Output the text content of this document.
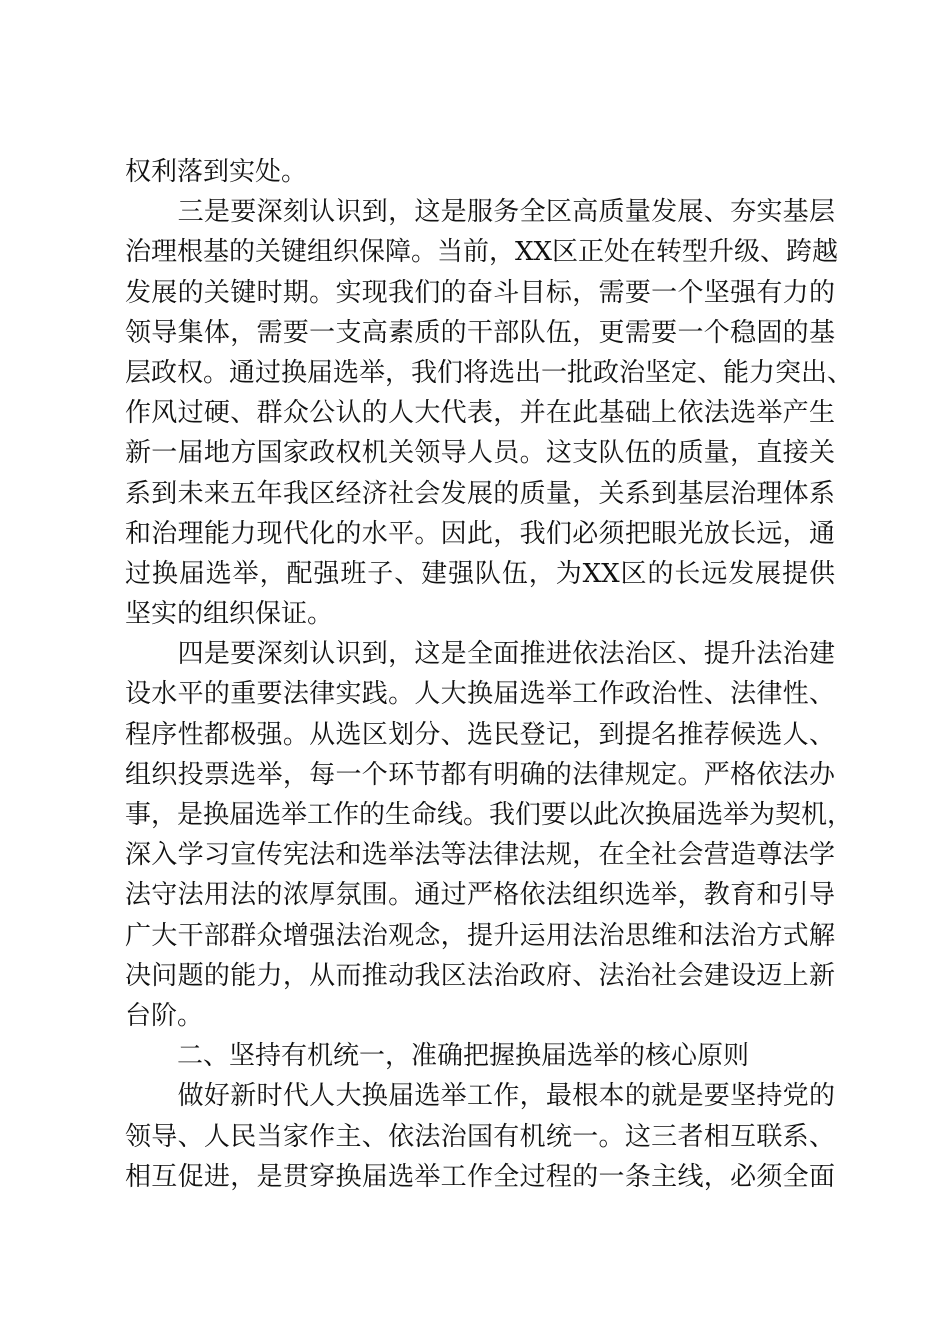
权利落到实处。
　　三是要深刻认识到，这是服务全区高质量发展、夯实基层
治理根基的关键组织保障。当前，XX区正处在转型升级、跨越
发展的关键时期。实现我们的奋斗目标，需要一个坚强有力的
领导集体，需要一支高素质的干部队伍，更需要一个稳固的基
层政权。通过换届选举，我们将选出一批政治坚定、能力突出、
作风过硬、群众公认的人大代表，并在此基础上依法选举产生
新一届地方国家政权机关领导人员。这支队伍的质量，直接关
系到未来五年我区经济社会发展的质量，关系到基层治理体系
和治理能力现代化的水平。因此，我们必须把眼光放长远，通
过换届选举，配强班子、建强队伍，为XX区的长远发展提供
坚实的组织保证。
　　四是要深刻认识到，这是全面推进依法治区、提升法治建
设水平的重要法律实践。人大换届选举工作政治性、法律性、
程序性都极强。从选区划分、选民登记，到提名推荐候选人、
组织投票选举，每一个环节都有明确的法律规定。严格依法办
事，是换届选举工作的生命线。我们要以此次换届选举为契机，
深入学习宣传宪法和选举法等法律法规，在全社会营造尊法学
法守法用法的浓厚氛围。通过严格依法组织选举，教育和引导
广大干部群众增强法治观念，提升运用法治思维和法治方式解
决问题的能力，从而推动我区法治政府、法治社会建设迈上新
台阶。
　　二、坚持有机统一，准确把握换届选举的核心原则
　　做好新时代人大换届选举工作，最根本的就是要坚持党的
领导、人民当家作主、依法治国有机统一。这三者相互联系、
相互促进，是贯穿换届选举工作全过程的一条主线，必须全面
